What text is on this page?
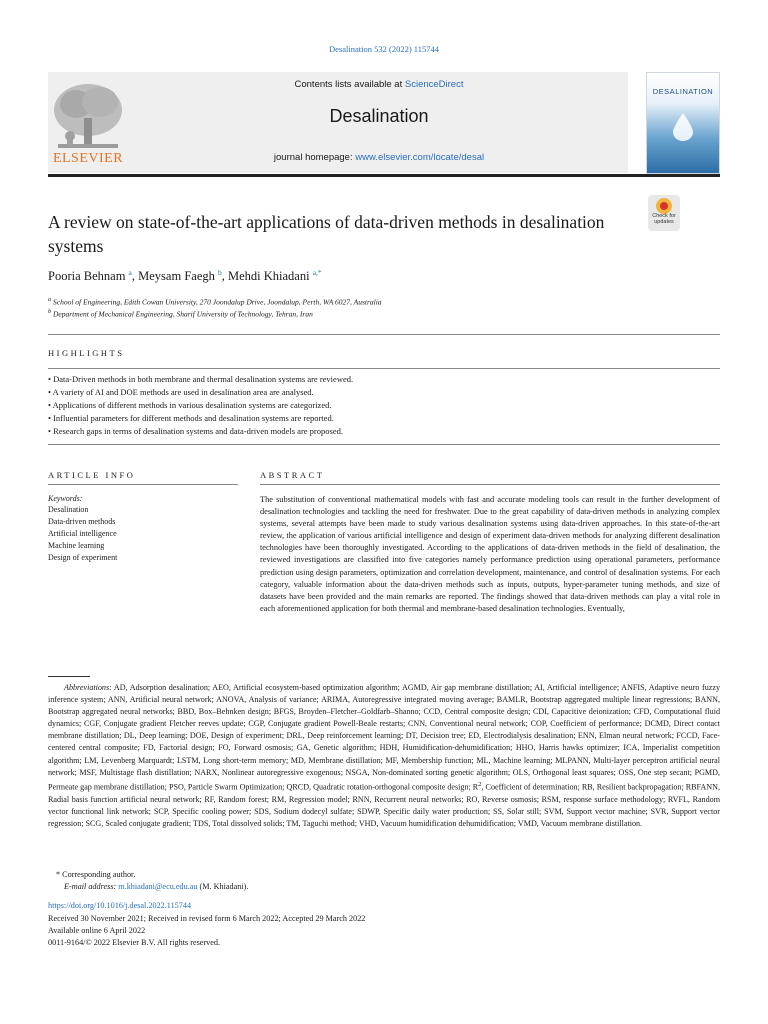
Desalination 532 (2022) 115744
ELSEVIER
Contents lists available at ScienceDirect
Desalination
journal homepage: www.elsevier.com/locate/desal
DESALINATION
Check for updates
A review on state-of-the-art applications of data-driven methods in desalination systems
Pooria Behnam $^a$, Meysam Faegh $^b$, Mehdi Khiadani $^{a,*}$
$^a$ School of Engineering, Edith Cowan University, 270 Joondalup Drive, Joondalup, Perth, WA 6027, Australia
$^b$ Department of Mechanical Engineering, Sharif University of Technology, Tehran, Iran
HIGHLIGHTS
• Data-Driven methods in both membrane and thermal desalination systems are reviewed.
• A variety of AI and DOE methods are used in desalination area are analysed.
• Applications of different methods in various desalination systems are categorized.
• Influential parameters for different methods and desalination systems are reported.
• Research gaps in terms of desalination systems and data-driven models are proposed.
ARTICLE INFO	ABSTRACT
Keywords:
Desalination
Data-driven methods
Artificial intelligence
Machine learning
Design of experiment
The substitution of conventional mathematical models with fast and accurate modeling tools can result in the further development of desalination technologies and tackling the need for freshwater. Due to the great capability of data-driven methods in analyzing complex systems, several attempts have been made to study various desalination systems using data-driven approaches. In this state-of-the-art review, the application of various artificial intelligence and design of experiment data-driven methods for analyzing different desalination technologies have been thoroughly investigated. According to the applications of data-driven methods in the field of desalination, the reviewed investigations are classified into five categories namely performance prediction using operational parameters, performance prediction using design parameters, optimization and correlation development, maintenance, and control of desalination systems. For each category, valuable information about the data-driven methods such as inputs, outputs, hyper-parameter tuning methods, and size of datasets have been provided and the main remarks are reported. The findings showed that data-driven methods can play a vital role in each aforementioned application for both thermal and membrane-based desalination technologies. Eventually,
Abbreviations: AD, Adsorption desalination; AEO, Artificial ecosystem-based optimization algorithm; AGMD, Air gap membrane distillation; AI, Artificial intelligence; ANFIS, Adaptive neuro fuzzy inference system; ANN, Artificial neural network; ANOVA, Analysis of variance; ARIMA, Autoregressive integrated moving average; BAMLR, Bootstrap aggregated multiple linear regressions; BANN, Bootstrap aggregated neural networks; BBD, Box–Behnken design; BFGS, Broyden–Fletcher–Goldfarb–Shanno; CCD, Central composite design; CDI, Capacitive deionization; CFD, Computational fluid dynamics; CGF, Conjugate gradient Fletcher reeves update; CGP, Conjugate gradient Powell-Beale restarts; CNN, Conventional neural network; COP, Coefficient of performance; DCMD, Direct contact membrane distillation; DL, Deep learning; DOE, Design of experiment; DRL, Deep reinforcement learning; DT, Decision tree; ED, Electrodialysis desalination; ENN, Elman neural network; FCCD, Face-centered central composite; FD, Factorial design; FO, Forward osmosis; GA, Genetic algorithm; HDH, Humidification-dehumidification; HHO, Harris hawks optimizer; ICA, Imperialist competition algorithm; LM, Levenberg Marquardt; LSTM, Long short-term memory; MD, Membrane distillation; MF, Membership function; ML, Machine learning; MLPANN, Multi-layer perceptron artificial neural network; MSF, Multistage flash distillation; NARX, Nonlinear autoregressive exogenous; NSGA, Non-dominated sorting genetic algorithm; OLS, Orthogonal least squares; OSS, One step secant; PGMD, Permeate gap membrane distillation; PSO, Particle Swarm Optimization; QRCD, Quadratic rotation-orthogonal composite design; $R^2$, Coefficient of determination; RB, Resilient backpropagation; RBFANN, Radial basis function artificial neural network; RF, Random forest; RM, Regression model; RNN, Recurrent neural networks; RO, Reverse osmosis; RSM, response surface methodology; RVFL, Random vector functional link network; SCP, Specific cooling power; SDS, Sodium dodecyl sulfate; SDWP, Specific daily water production; SS, Solar still; SVM, Support vector machine; SVR, Support vector regression; SCG, Scaled conjugate gradient; TDS, Total dissolved solids; TM, Taguchi method; VHD, Vacuum humidification dehumidification; VMD, Vacuum membrane distillation.
* Corresponding author.
E-mail address: m.khiadani@ecu.edu.au (M. Khiadani).
https://doi.org/10.1016/j.desal.2022.115744
Received 30 November 2021; Received in revised form 6 March 2022; Accepted 29 March 2022
Available online 6 April 2022
0011-9164/© 2022 Elsevier B.V. All rights reserved.
